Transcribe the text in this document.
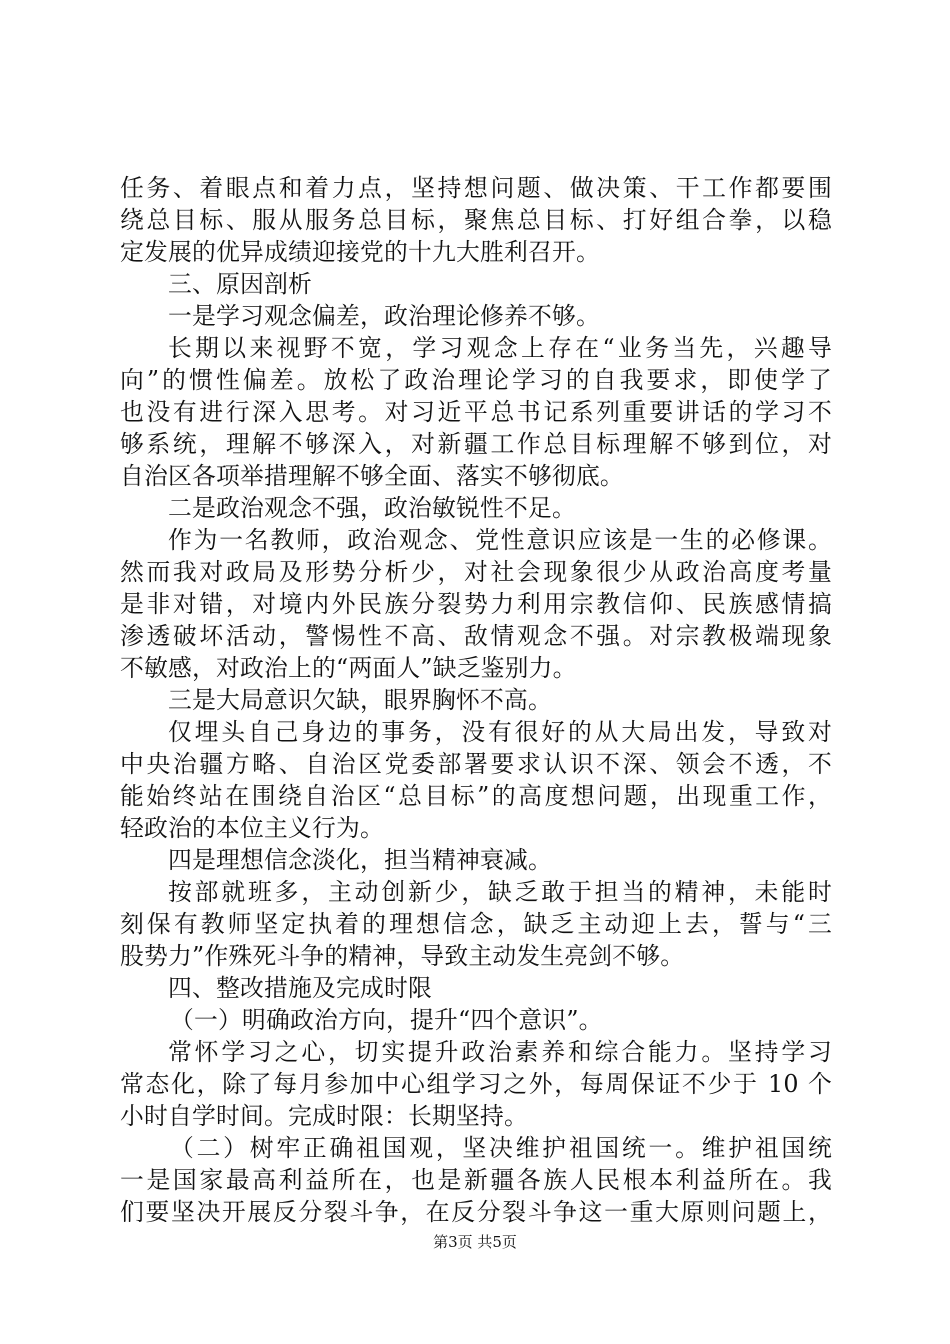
任务、着眼点和着力点，坚持想问题、做决策、干工作都要围
绕总目标、服从服务总目标，聚焦总目标、打好组合拳，以稳
定发展的优异成绩迎接党的十九大胜利召开。
三、原因剖析
一是学习观念偏差，政治理论修养不够。
长期以来视野不宽，学习观念上存在“业务当先，兴趣导
向”的惯性偏差。放松了政治理论学习的自我要求，即使学了
也没有进行深入思考。对习近平总书记系列重要讲话的学习不
够系统，理解不够深入，对新疆工作总目标理解不够到位，对
自治区各项举措理解不够全面、落实不够彻底。
二是政治观念不强，政治敏锐性不足。
作为一名教师，政治观念、党性意识应该是一生的必修课。
然而我对政局及形势分析少，对社会现象很少从政治高度考量
是非对错，对境内外民族分裂势力利用宗教信仰、民族感情搞
渗透破坏活动，警惕性不高、敌情观念不强。对宗教极端现象
不敏感，对政治上的“两面人”缺乏鉴别力。
三是大局意识欠缺，眼界胸怀不高。
仅埋头自己身边的事务，没有很好的从大局出发，导致对
中央治疆方略、自治区党委部署要求认识不深、领会不透，不
能始终站在围绕自治区“总目标”的高度想问题，出现重工作，
轻政治的本位主义行为。
四是理想信念淡化，担当精神衰减。
按部就班多，主动创新少，缺乏敢于担当的精神，未能时
刻保有教师坚定执着的理想信念，缺乏主动迎上去，誓与“三
股势力”作殊死斗争的精神，导致主动发生亮剑不够。
四、整改措施及完成时限
（一）明确政治方向，提升“四个意识”。
常怀学习之心，切实提升政治素养和综合能力。坚持学习
常态化，除了每月参加中心组学习之外，每周保证不少于 10 个
小时自学时间。完成时限：长期坚持。
（二）树牢正确祖国观，坚决维护祖国统一。维护祖国统
一是国家最高利益所在，也是新疆各族人民根本利益所在。我
们要坚决开展反分裂斗争，在反分裂斗争这一重大原则问题上，
第3页 共5页
